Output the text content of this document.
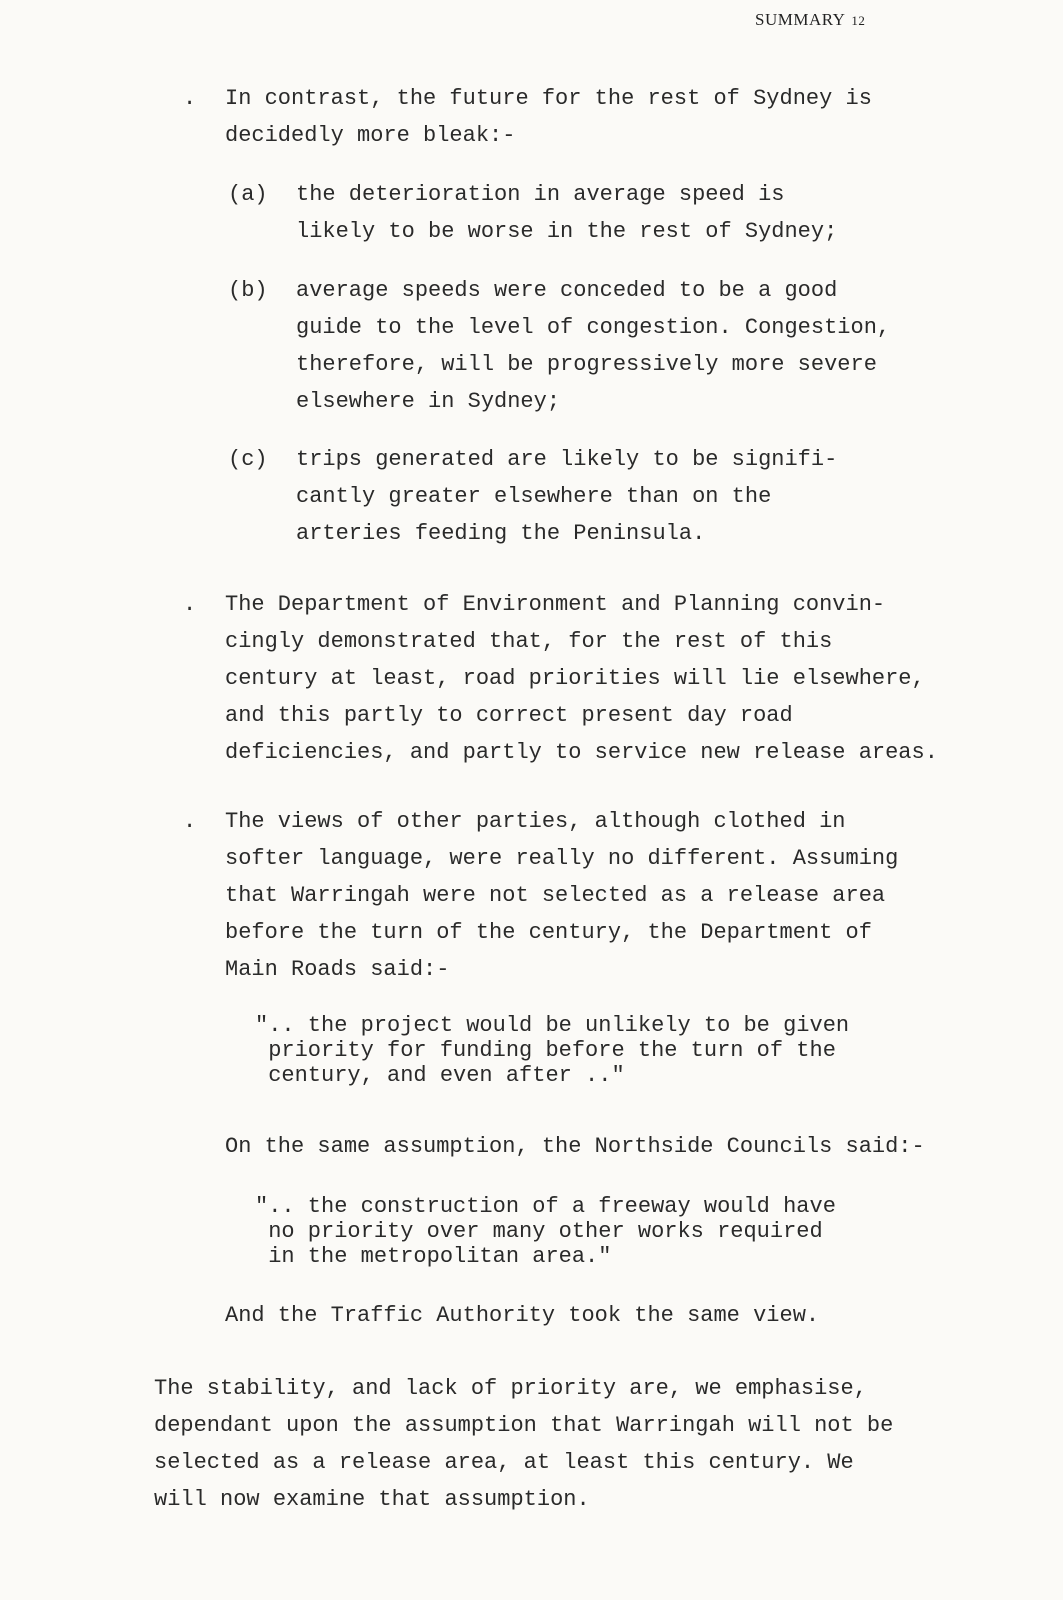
SUMMARY 12
. In contrast, the future for the rest of Sydney is
decidedly more bleak:-
(a) the deterioration in average speed is
likely to be worse in the rest of Sydney;
(b) average speeds were conceded to be a good
guide to the level of congestion. Congestion,
therefore, will be progressively more severe
elsewhere in Sydney;
(c) trips generated are likely to be signifi-
cantly greater elsewhere than on the
arteries feeding the Peninsula.
. The Department of Environment and Planning convin-
cingly demonstrated that, for the rest of this
century at least, road priorities will lie elsewhere,
and this partly to correct present day road
deficiencies, and partly to service new release areas.
. The views of other parties, although clothed in
softer language, were really no different. Assuming
that Warringah were not selected as a release area
before the turn of the century, the Department of
Main Roads said:-
".. the project would be unlikely to be given
priority for funding before the turn of the
century, and even after .."
On the same assumption, the Northside Councils said:-
".. the construction of a freeway would have
no priority over many other works required
in the metropolitan area."
And the Traffic Authority took the same view.
The stability, and lack of priority are, we emphasise,
dependant upon the assumption that Warringah will not be
selected as a release area, at least this century. We
will now examine that assumption.
